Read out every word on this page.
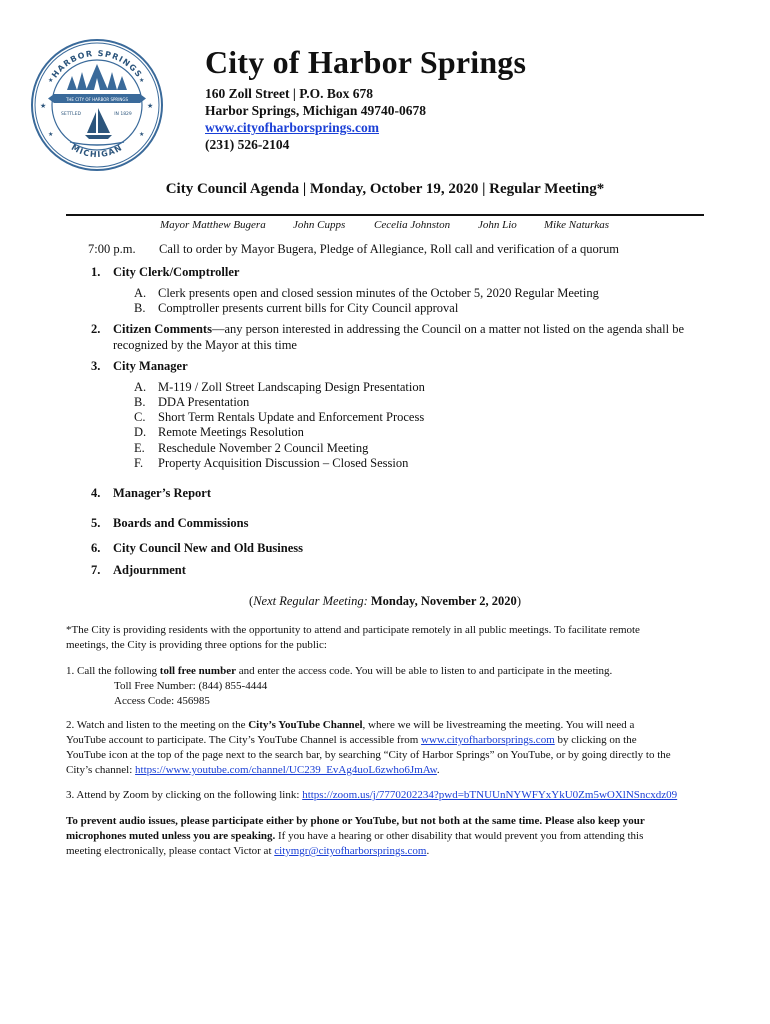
HARBOR SPRINGS
MICHIGAN
★	★
★	★
★	★
THE CITY OF HARBOR SPRINGS
SETTLED	IN 1829
City of Harbor Springs
160 Zoll Street | P.O. Box 678
Harbor Springs, Michigan 49740-0678
www.cityofharborsprings.com
(231) 526-2104
City Council Agenda | Monday, October 19, 2020 | Regular Meeting*
Mayor Matthew Bugera John Cupps	Cecelia Johnston	John Lio Mike Naturkas
7:00 p.m. Call to order by Mayor Bugera, Pledge of Allegiance, Roll call and verification of a quorum
1. City Clerk/Comptroller
A. Clerk presents open and closed session minutes of the October 5, 2020 Regular Meeting
B. Comptroller presents current bills for City Council approval
2. Citizen Comments—any person interested in addressing the Council on a matter not listed on the agenda shall be
recognized by the Mayor at this time
3. City Manager
A. M-119 / Zoll Street Landscaping Design Presentation
B. DDA Presentation
C. Short Term Rentals Update and Enforcement Process
D. Remote Meetings Resolution
E. Reschedule November 2 Council Meeting
F. Property Acquisition Discussion – Closed Session
4. Manager’s Report
5. Boards and Commissions
6. City Council New and Old Business
7. Adjournment
(Next Regular Meeting: Monday, November 2, 2020)
*The City is providing residents with the opportunity to attend and participate remotely in all public meetings. To facilitate remote
meetings, the City is providing three options for the public:
1. Call the following toll free number and enter the access code. You will be able to listen to and participate in the meeting.
Toll Free Number: (844) 855-4444
Access Code: 456985
2. Watch and listen to the meeting on the City’s YouTube Channel, where we will be livestreaming the meeting. You will need a
YouTube account to participate. The City’s YouTube Channel is accessible from www.cityofharborsprings.com by clicking on the
YouTube icon at the top of the page next to the search bar, by searching “City of Harbor Springs” on YouTube, or by going directly to the
City’s channel: https://www.youtube.com/channel/UC239_EvAg4uoL6zwho6JmAw.
3. Attend by Zoom by clicking on the following link: https://zoom.us/j/7770202234?pwd=bTNUUnNYWFYxYkU0Zm5wOXlNSncxdz09
To prevent audio issues, please participate either by phone or YouTube, but not both at the same time. Please also keep your
microphones muted unless you are speaking. If you have a hearing or other disability that would prevent you from attending this
meeting electronically, please contact Victor at citymgr@cityofharborsprings.com.
